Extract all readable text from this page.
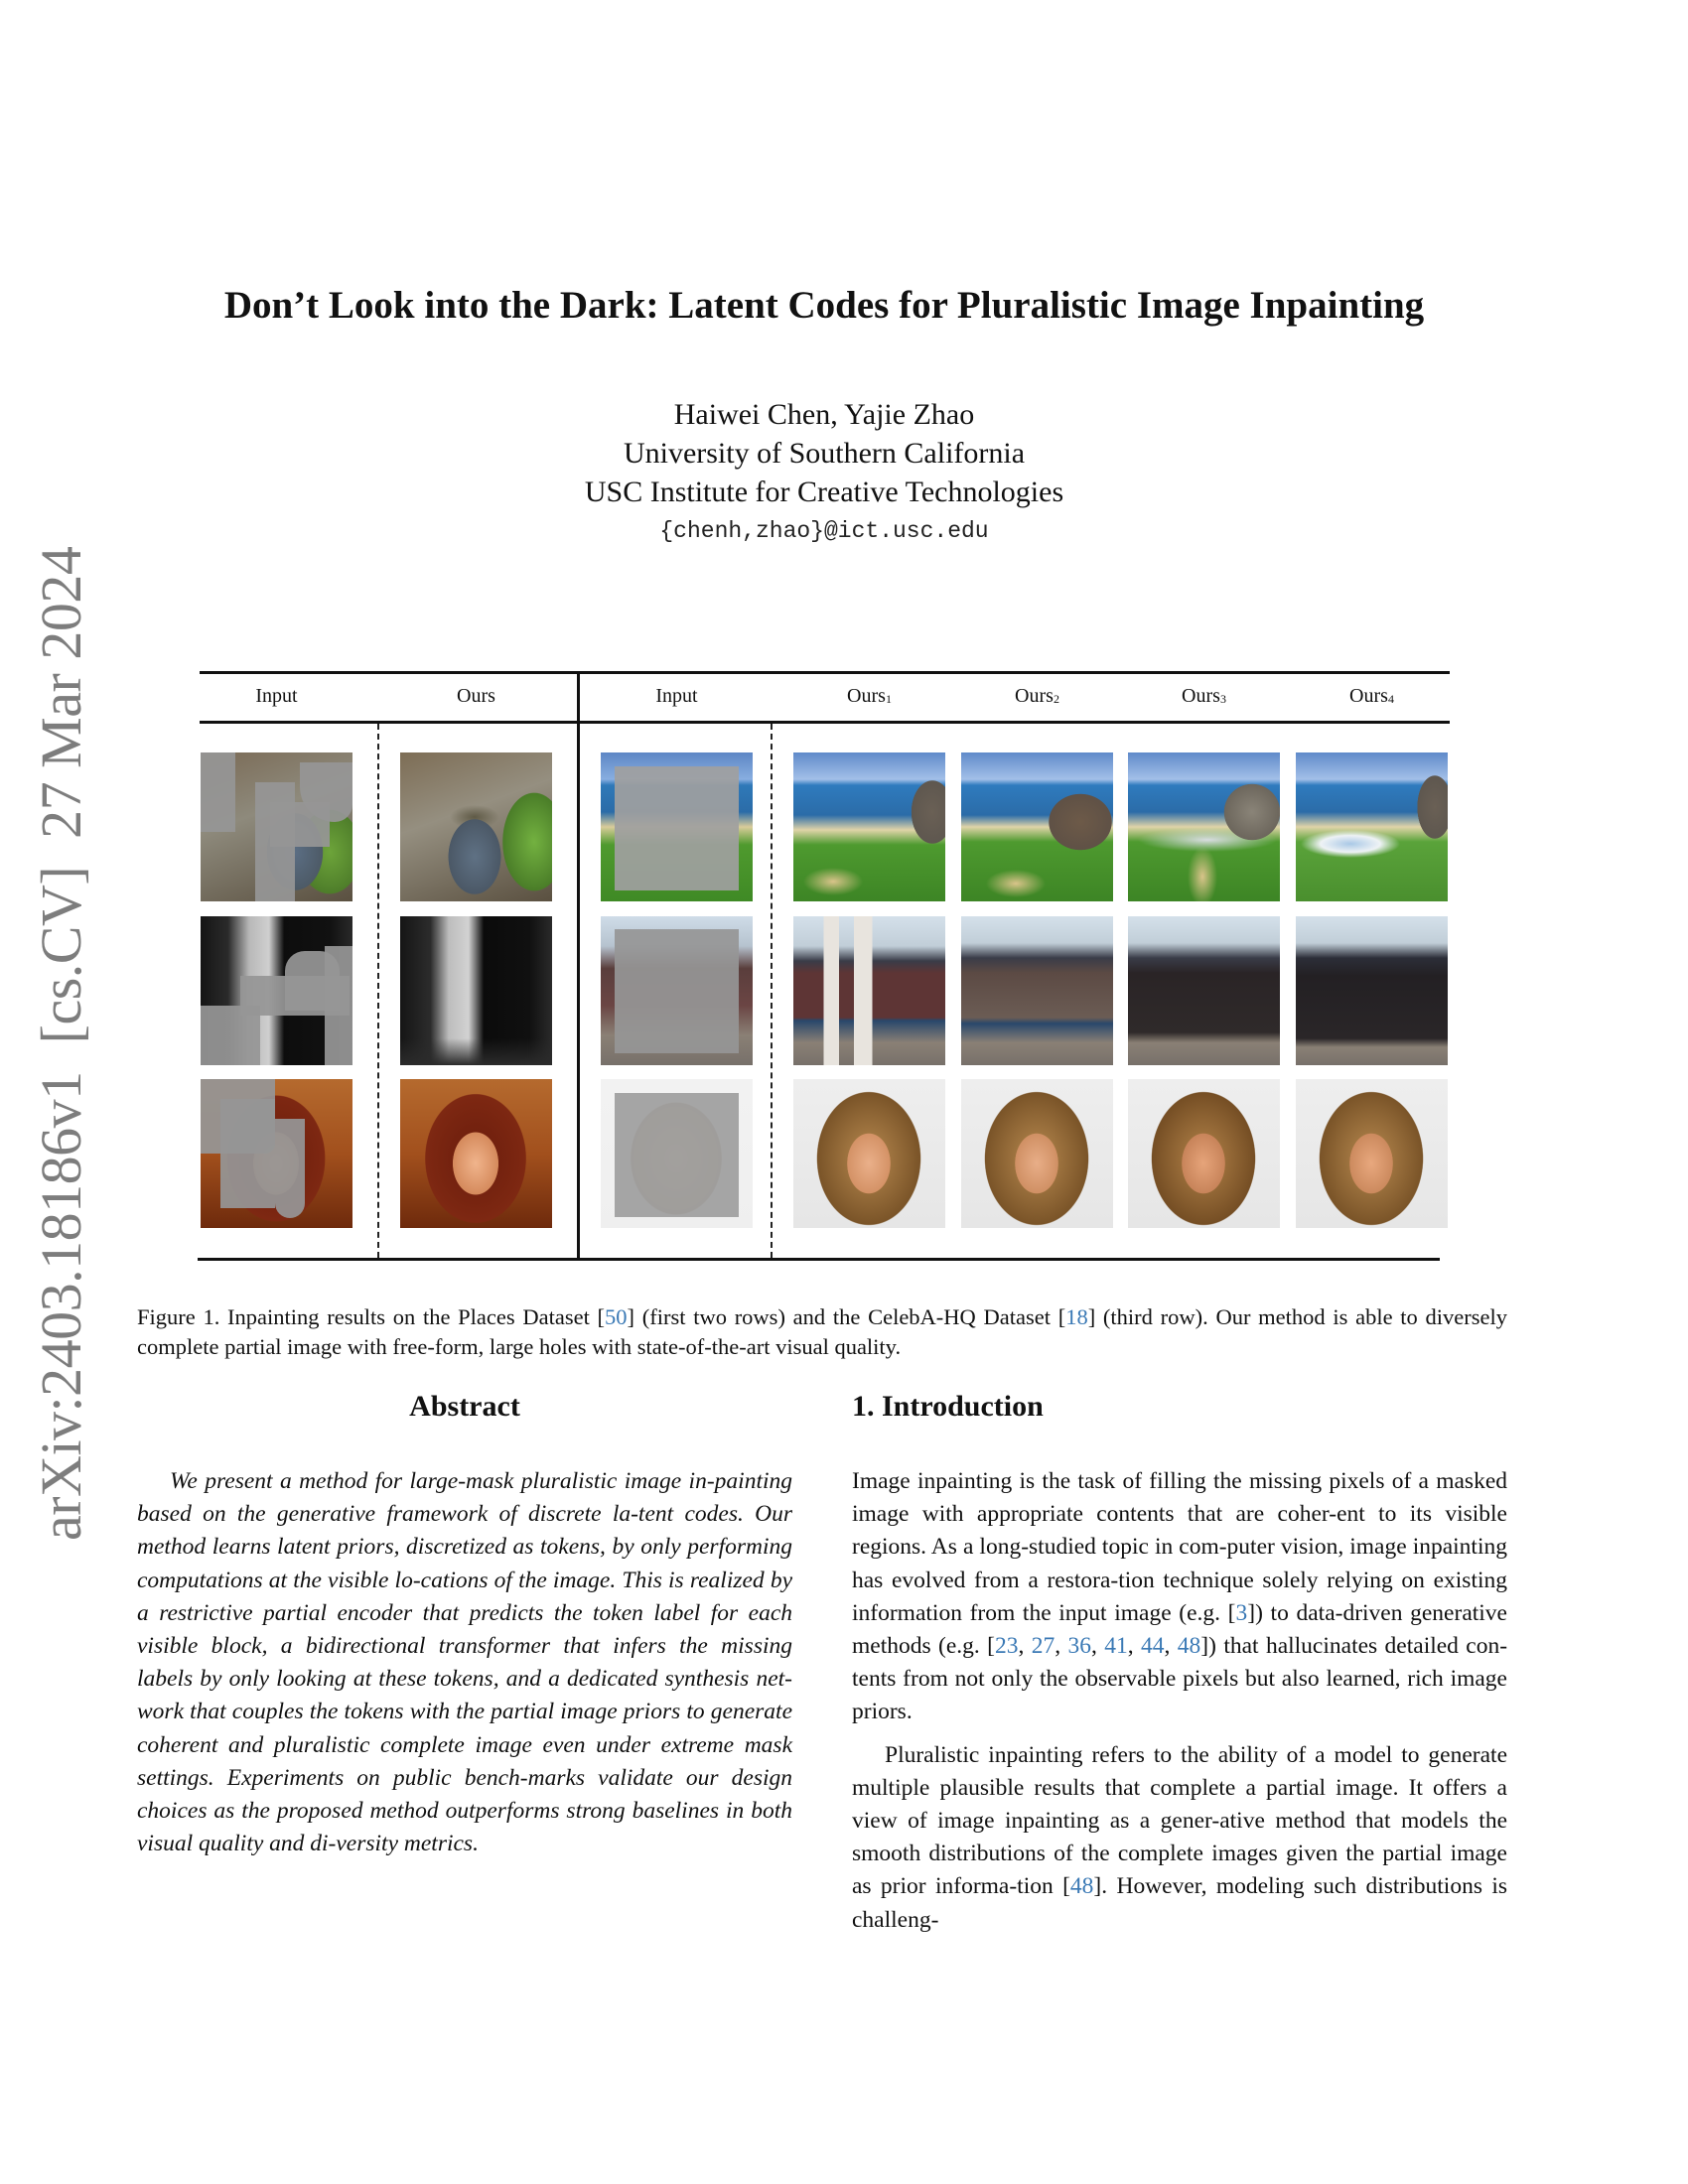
arXiv:2403.18186v1  [cs.CV]  27 Mar 2024
Don’t Look into the Dark: Latent Codes for Pluralistic Image Inpainting
Haiwei Chen, Yajie Zhao
University of Southern California
USC Institute for Creative Technologies
{chenh,zhao}@ict.usc.edu
Input	Ours	Input	Ours$_1$	Ours$_2$	Ours$_3$	Ours$_4$
Figure 1. Inpainting results on the Places Dataset [50] (first two rows) and the CelebA-HQ Dataset [18] (third row). Our method is able to diversely complete partial image with free-form, large holes with state-of-the-art visual quality.
Abstract

We present a method for large-mask pluralistic image in-painting based on the generative framework of discrete la-tent codes. Our method learns latent priors, discretized as tokens, by only performing computations at the visible lo-cations of the image. This is realized by a restrictive partial encoder that predicts the token label for each visible block, a bidirectional transformer that infers the missing labels by only looking at these tokens, and a dedicated synthesis net-work that couples the tokens with the partial image priors to generate coherent and pluralistic complete image even under extreme mask settings. Experiments on public bench-marks validate our design choices as the proposed method outperforms strong baselines in both visual quality and di-versity metrics.

1. Introduction

Image inpainting is the task of filling the missing pixels of a masked image with appropriate contents that are coher-ent to its visible regions. As a long-studied topic in com-puter vision, image inpainting has evolved from a restora-tion technique solely relying on existing information from the input image (e.g. [3]) to data-driven generative methods (e.g. [23, 27, 36, 41, 44, 48]) that hallucinates detailed con-tents from not only the observable pixels but also learned, rich image priors.

Pluralistic inpainting refers to the ability of a model to generate multiple plausible results that complete a partial image. It offers a view of image inpainting as a gener-ative method that models the smooth distributions of the complete images given the partial image as prior informa-tion [48]. However, modeling such distributions is challeng-
